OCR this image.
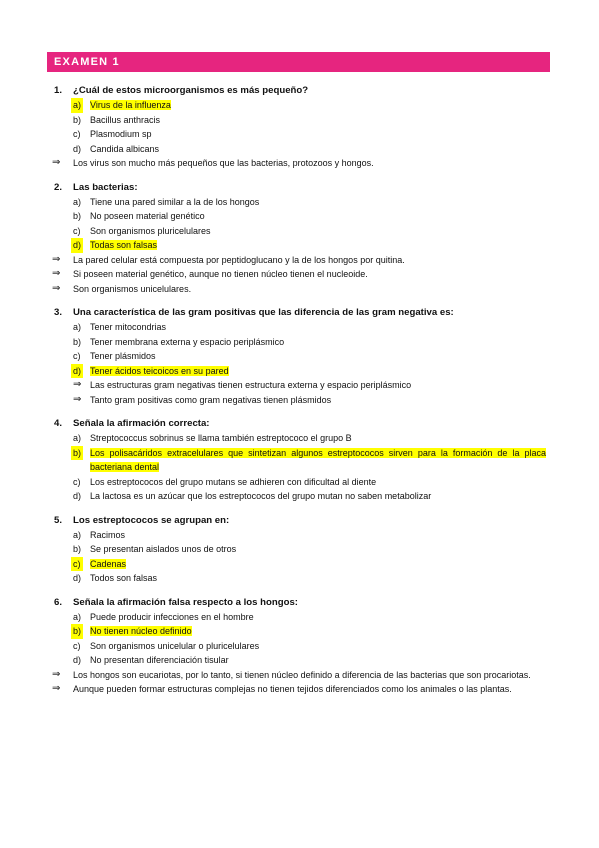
EXAMEN 1
1. ¿Cuál de estos microorganismos es más pequeño?
a) Virus de la influenza
b) Bacillus anthracis
c) Plasmodium sp
d) Candida albicans
⇒ Los virus son mucho más pequeños que las bacterias, protozoos y hongos.
2. Las bacterias:
a) Tiene una pared similar a la de los hongos
b) No poseen material genético
c) Son organismos pluricelulares
d) Todas son falsas
⇒ La pared celular está compuesta por peptidoglucano y la de los hongos por quitina.
⇒ Si poseen material genético, aunque no tienen núcleo tienen el nucleoide.
⇒ Son organismos unicelulares.
3. Una característica de las gram positivas que las diferencia de las gram negativa es:
a) Tener mitocondrias
b) Tener membrana externa y espacio periplásmico
c) Tener plásmidos
d) Tener ácidos teicoicos en su pared
⇒ Las estructuras gram negativas tienen estructura externa y espacio periplásmico
⇒ Tanto gram positivas como gram negativas tienen plásmidos
4. Señala la afirmación correcta:
a) Streptococcus sobrinus se llama también estreptococo el grupo B
b) Los polisacáridos extracelulares que sintetizan algunos estreptococos sirven para la formación de la placa bacteriana dental
c) Los estreptococos del grupo mutans se adhieren con dificultad al diente
d) La lactosa es un azúcar que los estreptococos del grupo mutan no saben metabolizar
5. Los estreptococos se agrupan en:
a) Racimos
b) Se presentan aislados unos de otros
c) Cadenas
d) Todos son falsas
6. Señala la afirmación falsa respecto a los hongos:
a) Puede producir infecciones en el hombre
b) No tienen núcleo definido
c) Son organismos unicelular o pluricelulares
d) No presentan diferenciación tisular
⇒ Los hongos son eucariotas, por lo tanto, si tienen núcleo definido a diferencia de las bacterias que son procariotas.
⇒ Aunque pueden formar estructuras complejas no tienen tejidos diferenciados como los animales o las plantas.
